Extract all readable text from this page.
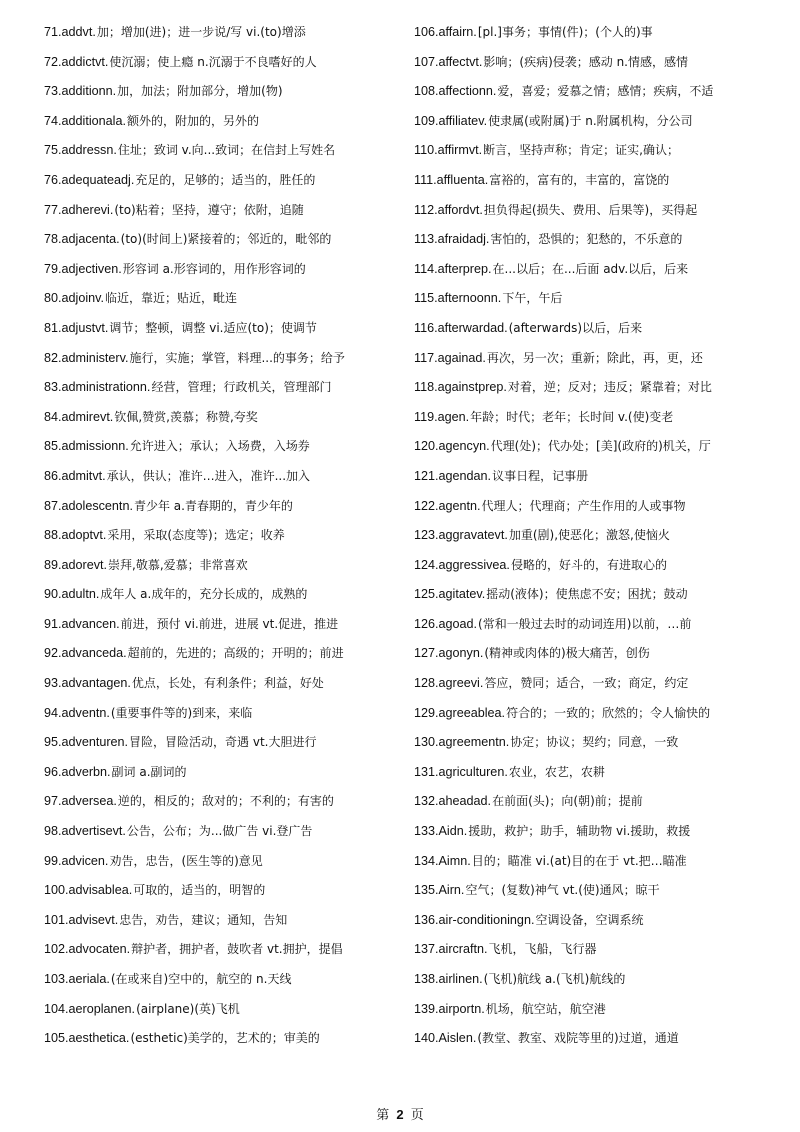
71.addvt.加；增加(进)；进一步说/写 vi.(to)增添
72.addictvt.使沉溺；使上瘾 n.沉溺于不良嗜好的人
73.additionn.加，加法；附加部分，增加(物)
74.additionala.额外的，附加的，另外的
75.addressn.住址；致词 v.向...致词；在信封上写姓名
76.adequateadj.充足的，足够的；适当的，胜任的
77.adherevi.(to)粘着；坚持，遵守；依附，追随
78.adjacenta.(to)(时间上)紧接着的；邻近的，毗邻的
79.adjectiven.形容词 a.形容词的，用作形容词的
80.adjoinv.临近，靠近；贴近，毗连
81.adjustvt.调节；整顿，调整 vi.适应(to)；使调节
82.administerv.施行，实施；掌管，料理...的事务；给予
83.administrationn.经营，管理；行政机关，管理部门
84.admirevt.钦佩,赞赏,羡慕；称赞,夸奖
85.admissionn.允许进入；承认；入场费，入场券
86.admitvt.承认，供认；准许…进入，准许...加入
87.adolescentn.青少年 a.青春期的，青少年的
88.adoptvt.采用，采取(态度等)；选定；收养
89.adorevt.崇拜,敬慕,爱慕；非常喜欢
90.adultn.成年人 a.成年的，充分长成的，成熟的
91.advancen.前进，预付 vi.前进，进展 vt.促进，推进
92.advanceda.超前的，先进的；高级的；开明的；前进
93.advantagen.优点，长处，有利条件；利益，好处
94.adventn.(重要事件等的)到来，来临
95.adventuren.冒险，冒险活动，奇遇 vt.大胆进行
96.adverbn.副词 a.副词的
97.adversea.逆的，相反的；敌对的；不利的；有害的
98.advertisevt.公告，公布；为...做广告 vi.登广告
99.advicen.劝告，忠告，(医生等的)意见
100.advisablea.可取的，适当的，明智的
101.advisevt.忠告，劝告，建议；通知，告知
102.advocaten.辩护者，拥护者，鼓吹者 vt.拥护，提倡
103.aeriala.(在或来自)空中的，航空的 n.天线
104.aeroplanen.(airplane)(英)飞机
105.aesthetica.(esthetic)美学的，艺术的；审美的
106.affairn.[pl.]事务；事情(件)；(个人的)事
107.affectvt.影响；(疾病)侵袭；感动 n.情感，感情
108.affectionn.爱，喜爱；爱慕之情；感情；疾病，不适
109.affiliatev.使隶属(或附属)于 n.附属机构，分公司
110.affirmvt.断言，坚持声称；肯定；证实,确认；
111.affluenta.富裕的，富有的，丰富的，富饶的
112.affordvt.担负得起(损失、费用、后果等)，买得起
113.afraidadj.害怕的，恐惧的；犯愁的，不乐意的
114.afterprep.在...以后；在...后面 adv.以后，后来
115.afternoonn.下午，午后
116.afterwardad.(afterwards)以后，后来
117.againad.再次，另一次；重新；除此，再，更，还
118.againstprep.对着，逆；反对；违反；紧靠着；对比
119.agen.年龄；时代；老年；长时间 v.(使)变老
120.agencyn.代理(处)；代办处；[美](政府的)机关，厅
121.agendan.议事日程，记事册
122.agentn.代理人；代理商；产生作用的人或事物
123.aggravatevt.加重(剧),使恶化；激怒,使恼火
124.aggressivea.侵略的，好斗的，有进取心的
125.agitatev.摇动(液体)；使焦虑不安；困扰；鼓动
126.agoad.(常和一般过去时的动词连用)以前，…前
127.agonyn.(精神或肉体的)极大痛苦，创伤
128.agreevi.答应，赞同；适合，一致；商定，约定
129.agreeablea.符合的；一致的；欣然的；令人愉快的
130.agreementn.协定；协议；契约；同意，一致
131.agriculturen.农业，农艺，农耕
132.aheadad.在前面(头)；向(朝)前；提前
133.Aidn.援助，救护；助手，辅助物 vi.援助，救援
134.Aimn.目的；瞄准 vi.(at)目的在于 vt.把…瞄准
135.Airn.空气；(复数)神气 vt.(使)通风；晾干
136.air-conditioningn.空调设备，空调系统
137.aircraftn.飞机，飞船，飞行器
138.airlinen.(飞机)航线 a.(飞机)航线的
139.airportn.机场，航空站，航空港
140.Aislen.(教堂、教室、戏院等里的)过道，通道
第 2 页
